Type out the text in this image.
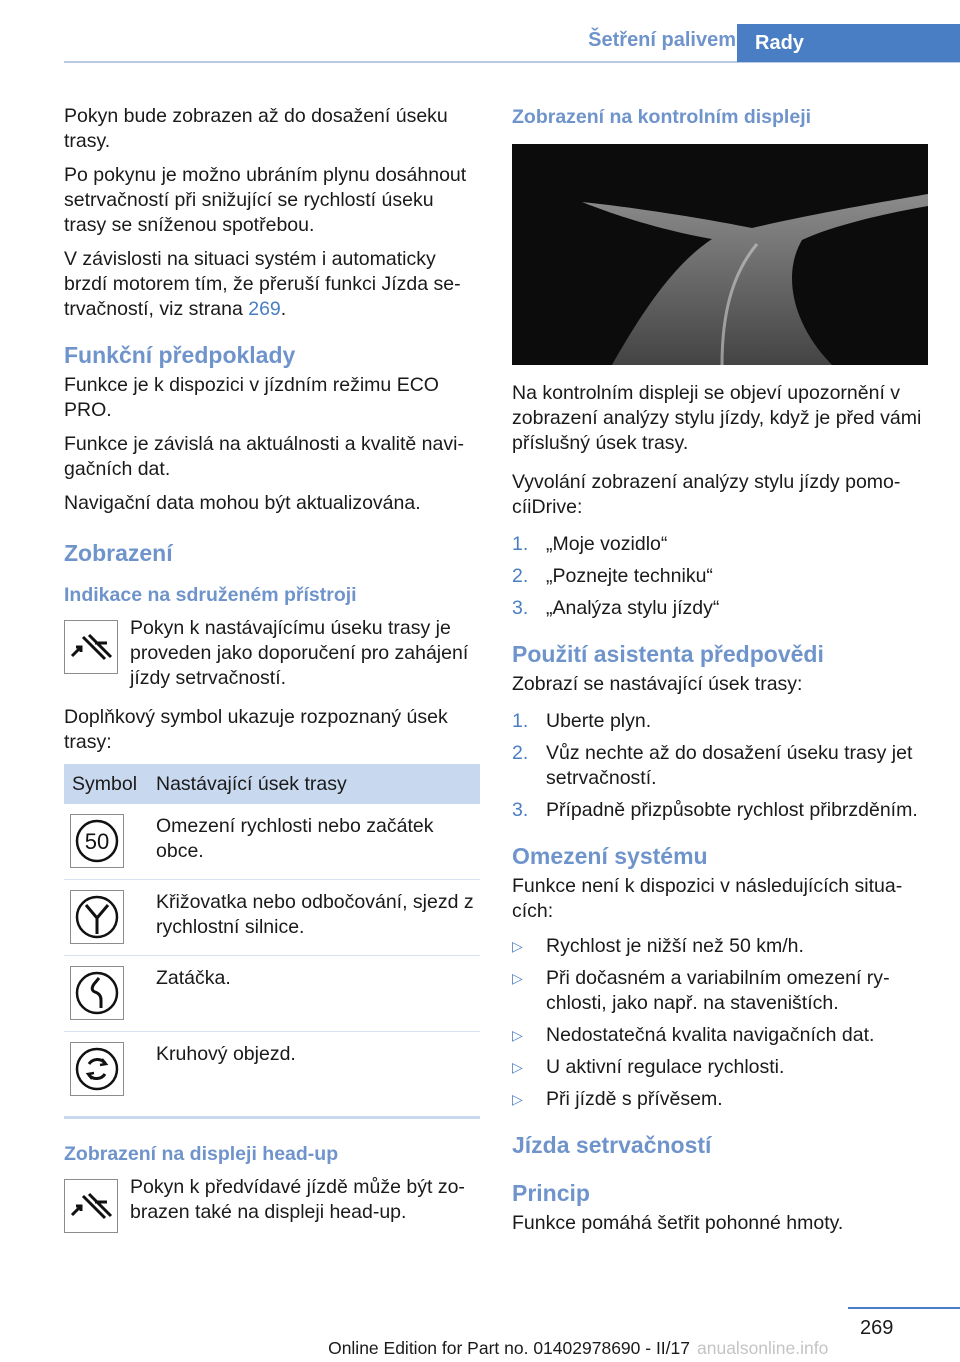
Šetření palivem Rady

Pokyn bude zobrazen až do dosažení úseku trasy.

Po pokynu je možno ubráním plynu dosáhnout setrvačností při snižující se rychlostí úseku trasy se sníženou spotřebou.

V závislosti na situaci systém i automaticky brzdí motorem tím, že přeruší funkci Jízda setrvačností, viz strana 269.

Funkční předpoklady

Funkce je k dispozici v jízdním režimu ECO PRO.

Funkce je závislá na aktuálnosti a kvalitě navigačních dat.

Navigační data mohou být aktualizována.

Zobrazení
Indikace na sdruženém přístroji
Pokyn k nastávajícímu úseku trasy je proveden jako doporučení pro zahájení jízdy setrvačností.

Doplňkový symbol ukazuje rozpoznaný úsek trasy:

Symbol	Nastávající úsek trasy

50	Omezení rychlosti nebo začátek obce.

	Křižovatka nebo odbočování, sjezd z rychlostní silnice.

	Zatáčka.

	Kruhový objezd.
Zobrazení na displeji head-up
Pokyn k předvídavé jízdě může být zobrazen také na displeji head-up.
Zobrazení na kontrolním displeji

Na kontrolním displeji se objeví upozornění v zobrazení analýzy stylu jízdy, když je před vámi příslušný úsek trasy.

Vyvolání zobrazení analýzy stylu jízdy pomocíiDrive:

1. „Moje vozidlo“
2. „Poznejte techniku“
3. „Analýza stylu jízdy“
Použití asistenta předpovědi

Zobrazí se nastávající úsek trasy:

1. Uberte plyn.
2. Vůz nechte až do dosažení úseku trasy jet setrvačností.
3. Případně přizpůsobte rychlost přibrzděním.
Omezení systému

Funkce není k dispozici v následujících situacích:

▷	Rychlost je nižší než 50 km/h.
▷	Při dočasném a variabilním omezení rychlosti, jako např. na staveništích.
▷	Nedostatečná kvalita navigačních dat.
▷	U aktivní regulace rychlosti.
▷	Při jízdě s přívěsem.
Jízda setrvačností
Princip

Funkce pomáhá šetřit pohonné hmoty.

269
Online Edition for Part no. 01402978690 - II/17 anualsonline.info
